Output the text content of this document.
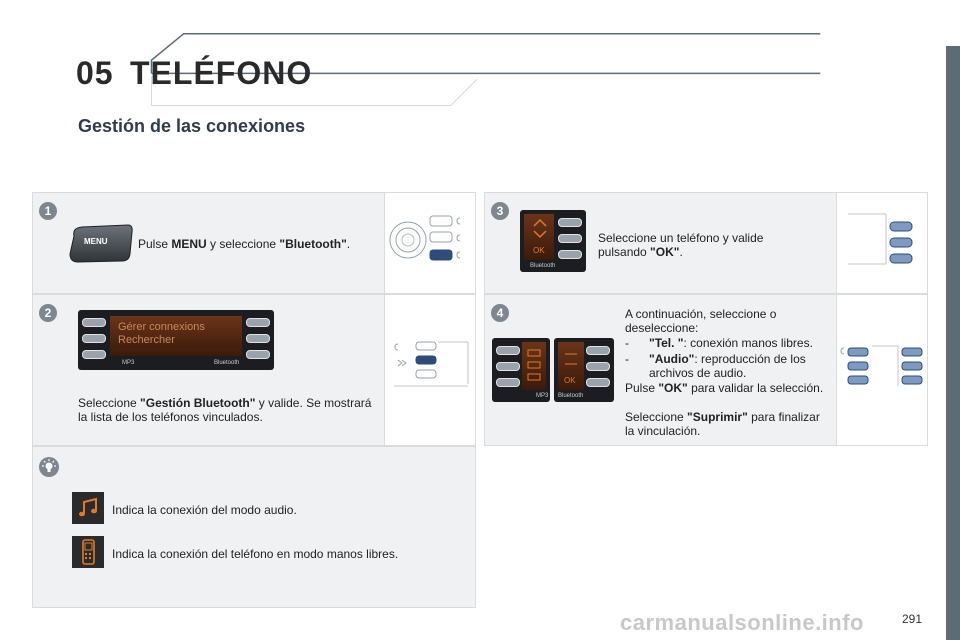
05 TELÉFONO
Gestión de las conexiones
1
MENU	Pulse MENU y seleccione "Bluetooth".
2
Gérer connexions
Rechercher
MP3	Bluetooth
Seleccione "Gestión Bluetooth" y valide. Se mostrará la lista de los teléfonos vinculados.
Indica la conexión del modo audio.
Indica la conexión del teléfono en modo manos libres.
3
OK
Bluetooth
Seleccione un teléfono y valide pulsando "OK".
4
MP3
OK
Bluetooth
A continuación, seleccione o deseleccione:
- "Tel. ": conexión manos libres.
- "Audio": reproducción de los archivos de audio.
Pulse "OK" para validar la selección.
Seleccione "Suprimir" para finalizar la vinculación.
carmanualsonline.info	291
